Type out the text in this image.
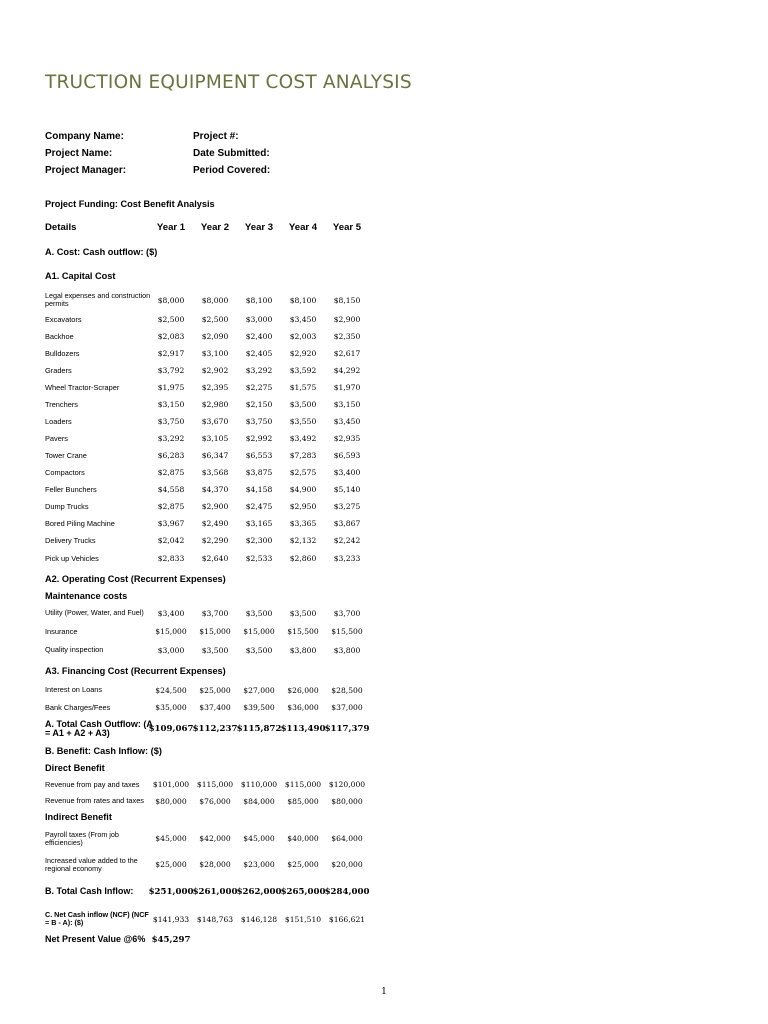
TRUCTION EQUIPMENT COST ANALYSIS
Company Name:	Project #:
Project Name:	Date Submitted:
Project Manager:	Period Covered:
Project Funding: Cost Benefit Analysis
Details	Year 1	Year 2	Year 3	Year 4	Year 5
A. Cost: Cash outflow: ($)
A1. Capital Cost
Legal expenses and construction permits	$8,000	$8,000	$8,100	$8,100	$8,150
Excavators	$2,500	$2,500	$3,000	$3,450	$2,900
Backhoe	$2,083	$2,090	$2,400	$2,003	$2,350
Bulldozers	$2,917	$3,100	$2,405	$2,920	$2,617
Graders	$3,792	$2,902	$3,292	$3,592	$4,292
Wheel Tractor-Scraper	$1,975	$2,395	$2,275	$1,575	$1,970
Trenchers	$3,150	$2,980	$2,150	$3,500	$3,150
Loaders	$3,750	$3,670	$3,750	$3,550	$3,450
Pavers	$3,292	$3,105	$2,992	$3,492	$2,935
Tower Crane	$6,283	$6,347	$6,553	$7,283	$6,593
Compactors	$2,875	$3,568	$3,875	$2,575	$3,400
Feller Bunchers	$4,558	$4,370	$4,158	$4,900	$5,140
Dump Trucks	$2,875	$2,900	$2,475	$2,950	$3,275
Bored Piling Machine	$3,967	$2,490	$3,165	$3,365	$3,867
Delivery Trucks	$2,042	$2,290	$2,300	$2,132	$2,242
Pick up Vehicles	$2,833	$2,640	$2,533	$2,860	$3,233
A2. Operating Cost (Recurrent Expenses)
Maintenance costs
Utility (Power, Water, and Fuel)	$3,400	$3,700	$3,500	$3,500	$3,700
Insurance	$15,000	$15,000	$15,000	$15,500	$15,500
Quality inspection	$3,000	$3,500	$3,500	$3,800	$3,800
A3. Financing Cost (Recurrent Expenses)
Interest on Loans	$24,500	$25,000	$27,000	$26,000	$28,500
Bank Charges/Fees	$35,000	$37,400	$39,500	$36,000	$37,000
A. Total Cash Outflow: (A = A1 + A2 + A3)	$109,067 $112,237 $115,872 $113,490 $117,379
B. Benefit: Cash Inflow: ($)
Direct Benefit
Revenue from pay and taxes	$101,000	$115,000	$110,000	$115,000	$120,000
Revenue from rates and taxes	$80,000	$76,000	$84,000	$85,000	$80,000
Indirect Benefit
Payroll taxes (From job efficiencies)	$45,000	$42,000	$45,000	$40,000	$64,000
Increased value added to the regional economy	$25,000	$28,000	$23,000	$25,000	$20,000
B. Total Cash Inflow:	$251,000 $261,000 $262,000 $265,000 $284,000
C. Net Cash inflow (NCF) (NCF = B - A): ($)	$141,933	$148,763	$146,128	$151,510	$166,621
Net Present Value @6% $45,297
1
